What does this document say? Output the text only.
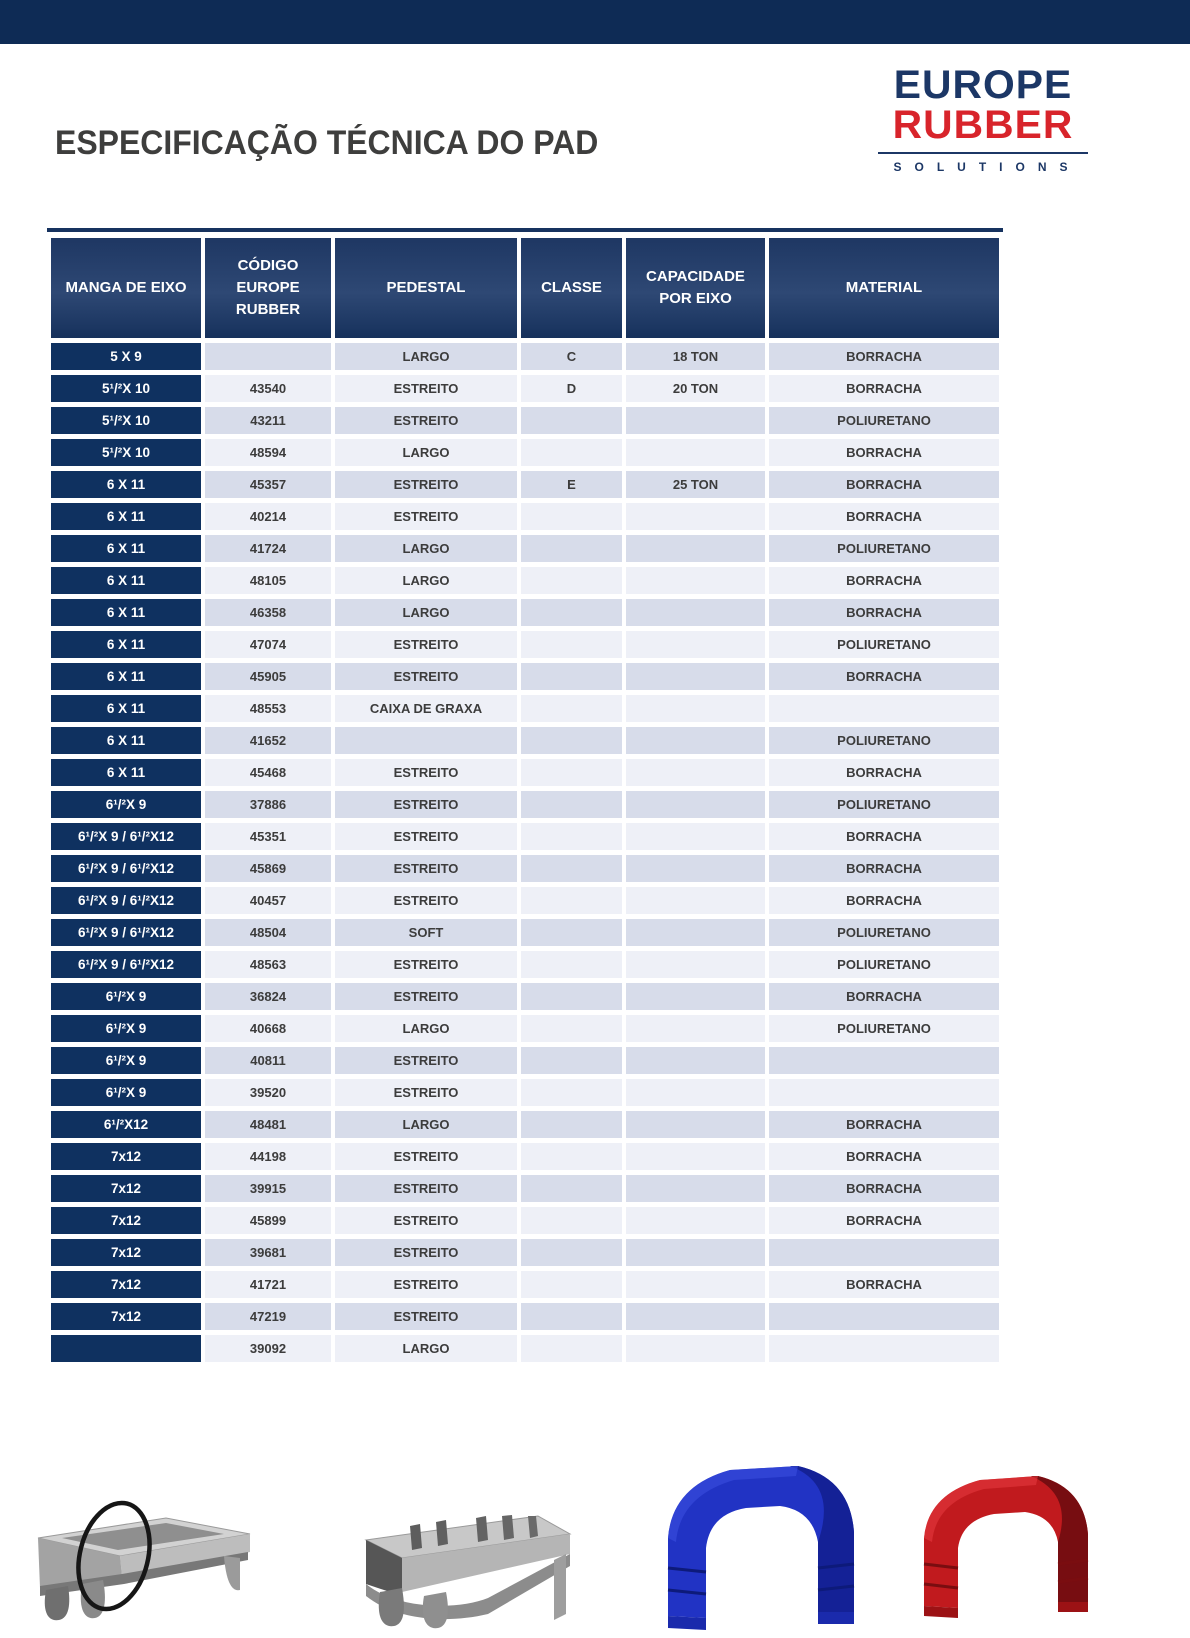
ESPECIFICAÇÃO TÉCNICA DO PAD
EUROPE
RUBBER
SOLUTIONS
MANGA DE EIXO	CÓDIGO EUROPE RUBBER	PEDESTAL	CLASSE	CAPACIDADE POR EIXO	MATERIAL
5 X 9		LARGO	C	18 TON	BORRACHA
5¹/²X 10	43540	ESTREITO	D	20 TON	BORRACHA
5¹/²X 10	43211	ESTREITO			POLIURETANO
5¹/²X 10	48594	LARGO			BORRACHA
6 X 11	45357	ESTREITO	E	25 TON	BORRACHA
6 X 11	40214	ESTREITO			BORRACHA
6 X 11	41724	LARGO			POLIURETANO
6 X 11	48105	LARGO			BORRACHA
6 X 11	46358	LARGO			BORRACHA
6 X 11	47074	ESTREITO			POLIURETANO
6 X 11	45905	ESTREITO			BORRACHA
6 X 11	48553	CAIXA DE GRAXA			
6 X 11	41652				POLIURETANO
6 X 11	45468	ESTREITO			BORRACHA
6¹/²X 9	37886	ESTREITO			POLIURETANO
6¹/²X 9 / 6¹/²X12	45351	ESTREITO			BORRACHA
6¹/²X 9 / 6¹/²X12	45869	ESTREITO			BORRACHA
6¹/²X 9 / 6¹/²X12	40457	ESTREITO			BORRACHA
6¹/²X 9 / 6¹/²X12	48504	SOFT			POLIURETANO
6¹/²X 9 / 6¹/²X12	48563	ESTREITO			POLIURETANO
6¹/²X 9	36824	ESTREITO			BORRACHA
6¹/²X 9	40668	LARGO			POLIURETANO
6¹/²X 9	40811	ESTREITO			
6¹/²X 9	39520	ESTREITO			
6¹/²X12	48481	LARGO			BORRACHA
7x12	44198	ESTREITO			BORRACHA
7x12	39915	ESTREITO			BORRACHA
7x12	45899	ESTREITO			BORRACHA
7x12	39681	ESTREITO			
7x12	41721	ESTREITO			BORRACHA
7x12	47219	ESTREITO			
	39092	LARGO			
